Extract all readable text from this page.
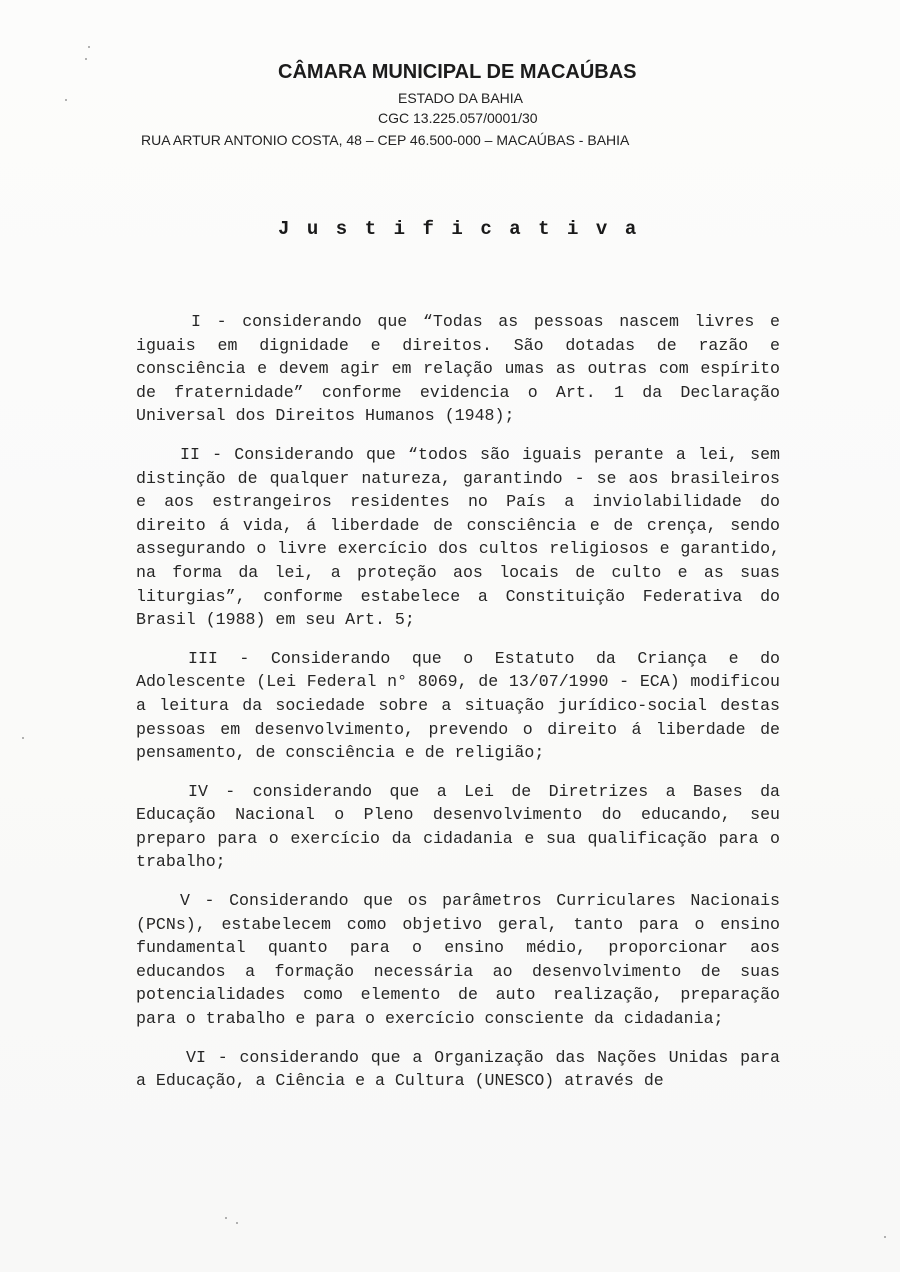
CÂMARA MUNICIPAL DE MACAÚBAS
ESTADO DA BAHIA
CGC 13.225.057/0001/30
RUA ARTUR ANTONIO COSTA, 48 – CEP 46.500-000 – MACAÚBAS - BAHIA
Justificativa

I - considerando que “Todas as pessoas nascem livres e iguais em dignidade e direitos. São dotadas de razão e consciência e devem agir em relação umas as outras com espírito de fraternidade” conforme evidencia o Art. 1 da Declaração Universal dos Direitos Humanos (1948);

II - Considerando que “todos são iguais perante a lei, sem distinção de qualquer natureza, garantindo - se aos brasileiros e aos estrangeiros residentes no País a inviolabilidade do direito á vida, á liberdade de consciência e de crença, sendo assegurando o livre exercício dos cultos religiosos e garantido, na forma da lei, a proteção aos locais de culto e as suas liturgias”, conforme estabelece a Constituição Federativa do Brasil (1988) em seu Art. 5;

III - Considerando que o Estatuto da Criança e do Adolescente (Lei Federal n° 8069, de 13/07/1990 - ECA) modificou a leitura da sociedade sobre a situação jurídico-social destas pessoas em desenvolvimento, prevendo o direito á liberdade de pensamento, de consciência e de religião;

IV - considerando que a Lei de Diretrizes a Bases da Educação Nacional o Pleno desenvolvimento do educando, seu preparo para o exercício da cidadania e sua qualificação para o trabalho;

V - Considerando que os parâmetros Curriculares Nacionais (PCNs), estabelecem como objetivo geral, tanto para o ensino fundamental quanto para o ensino médio, proporcionar aos educandos a formação necessária ao desenvolvimento de suas potencialidades como elemento de auto realização, preparação para o trabalho e para o exercício consciente da cidadania;

VI - considerando que a Organização das Nações Unidas para a Educação, a Ciência e a Cultura (UNESCO) através de
